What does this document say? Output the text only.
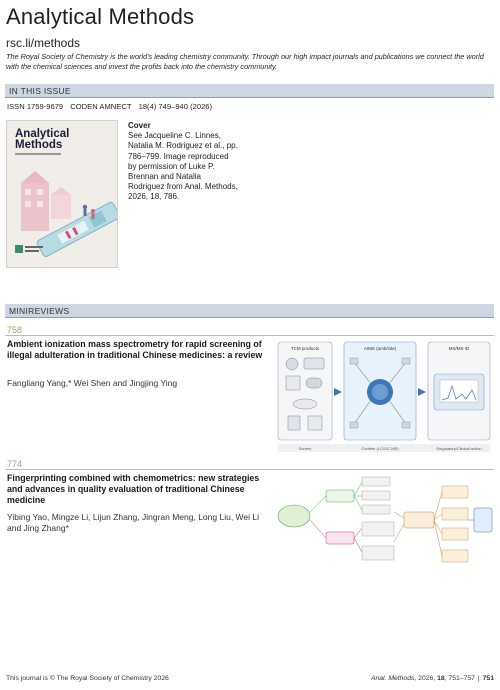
Analytical Methods
rsc.li/methods
The Royal Society of Chemistry is the world's leading chemistry community. Through our high impact journals and publications we connect the world with the chemical sciences and invest the profits back into the chemistry community.
IN THIS ISSUE
ISSN 1759-9679 CODEN AMNECT 18(4) 749–940 (2026)
Analytical
Methods
Cover
See Jacqueline C. Linnes, Natalia M. Rodriguez et al., pp. 786–799. Image reproduced by permission of Luke P. Brennan and Natalia Rodriguez from Anal. Methods, 2026, 18, 786.
MINIREVIEWS
758
Ambient ionization mass spectrometry for rapid screening of illegal adulteration in traditional Chinese medicines: a review
Fangliang Yang,* Wei Shen and Jingjing Ying
TCM products	AIMS (amb/site)	MS/MS ID
Screen	Confirm (LC/GC-MS)	Regulatory/Clinical action
774
Fingerprinting combined with chemometrics: new strategies and advances in quality evaluation of traditional Chinese medicine
Yibing Yao, Mingze Li, Lijun Zhang, Jingran Meng, Long Liu, Wei Li and Jing Zhang*
This journal is © The Royal Society of Chemistry 2026	Anal. Methods, 2026, 18, 751–757 | 751
